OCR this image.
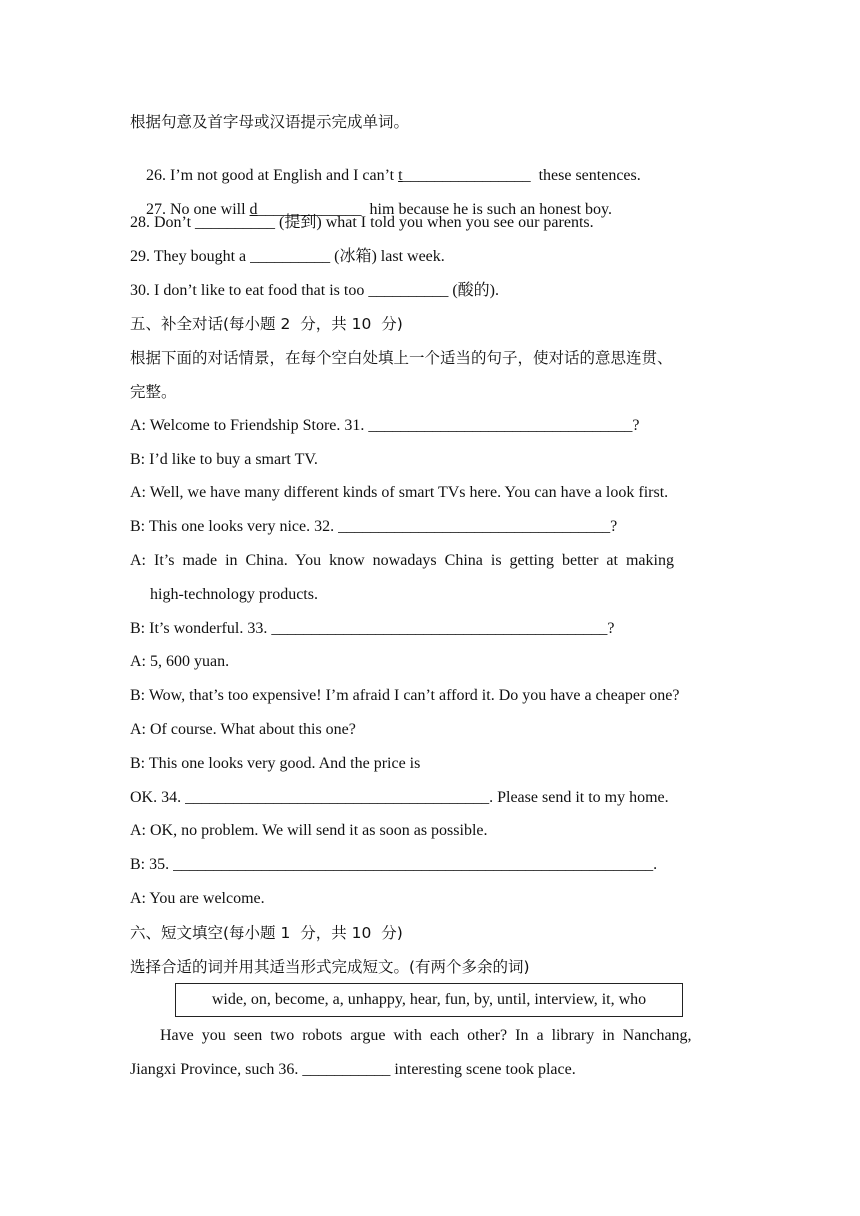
根据句意及首字母或汉语提示完成单词。

26. I’m not good at English and I can’t t________________  these sentences.

27. No one will d_____________  him because he is such an honest boy.

28. Don’t __________ (提到) what I told you when you see our parents.
29. They bought a __________ (冰箱) last week.
30. I don’t like to eat food that is too __________ (酸的).
五、补全对话(每小题 2  分，共 10  分)
根据下面的对话情景，在每个空白处填上一个适当的句子，使对话的意思连贯、
完整。
A: Welcome to Friendship Store. 31. _________________________________?
B: I’d like to buy a smart TV.
A: Well, we have many different kinds of smart TVs here. You can have a look first.
B: This one looks very nice. 32. __________________________________?
A:  It’s  made  in  China.  You  know  nowadays  China  is  getting  better  at  making
high-technology products.
B: It’s wonderful. 33. __________________________________________?
A: 5, 600 yuan.
B: Wow, that’s too expensive! I’m afraid I can’t afford it. Do you have a cheaper one?
A: Of course. What about this one?
B: This one looks very good. And the price is
OK. 34. ______________________________________. Please send it to my home.
A: OK, no problem. We will send it as soon as possible.
B: 35. ____________________________________________________________.
A: You are welcome.
六、短文填空(每小题 1  分，共 10  分)
选择合适的词并用其适当形式完成短文。(有两个多余的词)
wide, on, become, a, unhappy, hear, fun, by, until, interview, it, who
Have  you  seen  two  robots  argue  with  each  other?  In  a  library  in  Nanchang,
Jiangxi Province, such 36. ___________ interesting scene took place.
